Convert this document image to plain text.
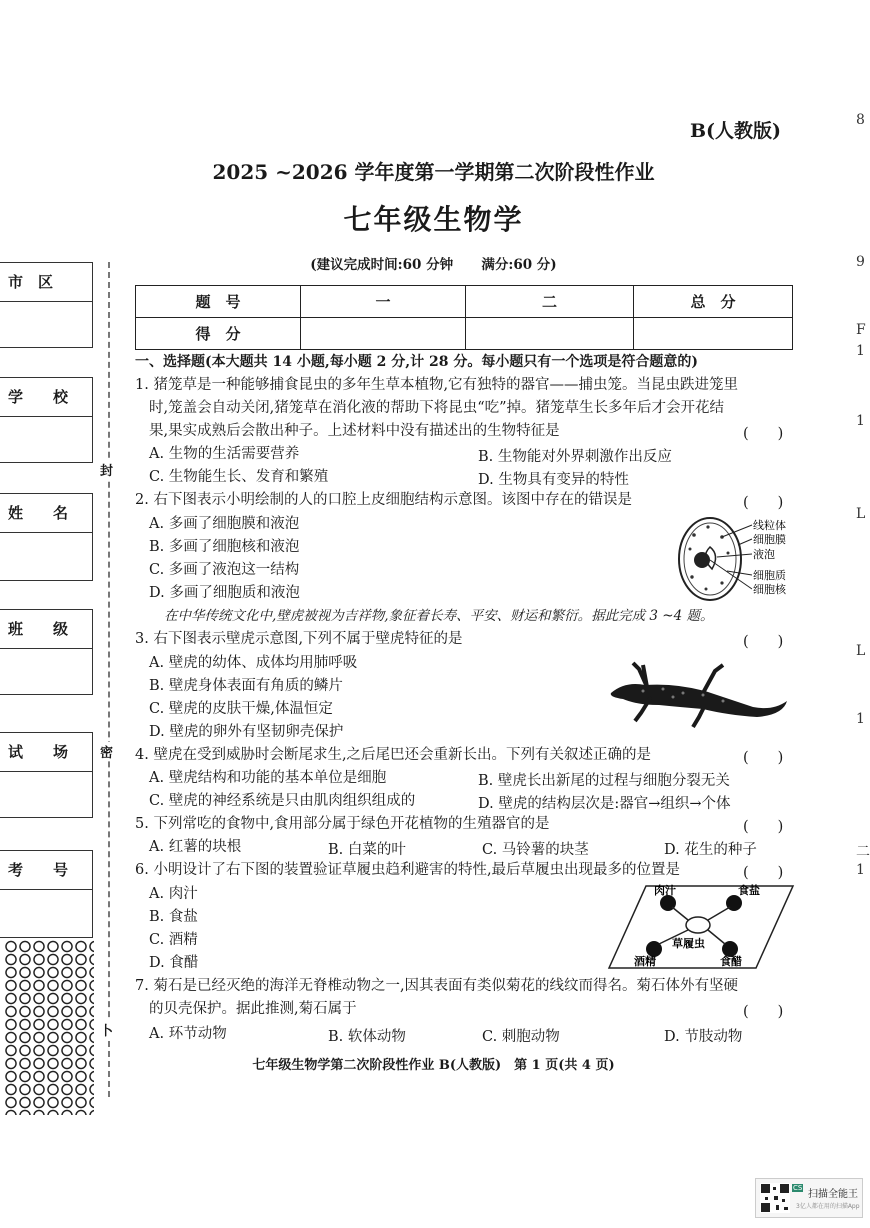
B(人教版)
2025 ~2026 学年度第一学期第二次阶段性作业
七年级生物学
(建议完成时间:60 分钟      满分:60 分)
题　号	一	二	总　分
得　分			
市　区
学　　校
姓　　名
班　　级
试　　场
考　　号
封
密
卜
8
9
F
1
1
L
L
1
二
1
一、选择题(本大题共 14 小题,每小题 2 分,计 28 分。每小题只有一个选项是符合题意的)
1. 猪笼草是一种能够捕食昆虫的多年生草本植物,它有独特的器官——捕虫笼。当昆虫跌进笼里
时,笼盖会自动关闭,猪笼草在消化液的帮助下将昆虫“吃”掉。猪笼草生长多年后才会开花结
果,果实成熟后会散出种子。上述材料中没有描述出的生物特征是	(　　)
A. 生物的生活需要营养	B. 生物能对外界刺激作出反应
C. 生物能生长、发育和繁殖	D. 生物具有变异的特性
2. 右下图表示小明绘制的人的口腔上皮细胞结构示意图。该图中存在的错误是	(　　)
A. 多画了细胞膜和液泡
B. 多画了细胞核和液泡
C. 多画了液泡这一结构
D. 多画了细胞质和液泡
线粒体
细胞膜
液泡
细胞质
细胞核
在中华传统文化中,壁虎被视为吉祥物,象征着长寿、平安、财运和繁衍。据此完成 3 ~4 题。
3. 右下图表示壁虎示意图,下列不属于壁虎特征的是	(　　)
A. 壁虎的幼体、成体均用肺呼吸
B. 壁虎身体表面有角质的鳞片
C. 壁虎的皮肤干燥,体温恒定
D. 壁虎的卵外有坚韧卵壳保护
4. 壁虎在受到威胁时会断尾求生,之后尾巴还会重新长出。下列有关叙述正确的是	(　　)
A. 壁虎结构和功能的基本单位是细胞	B. 壁虎长出新尾的过程与细胞分裂无关
C. 壁虎的神经系统是只由肌肉组织组成的	D. 壁虎的结构层次是:器官→组织→个体
5. 下列常吃的食物中,食用部分属于绿色开花植物的生殖器官的是	(　　)
A. 红薯的块根	B. 白菜的叶	C. 马铃薯的块茎	D. 花生的种子
6. 小明设计了右下图的装置验证草履虫趋利避害的特性,最后草履虫出现最多的位置是	(　　)
A. 肉汁
B. 食盐
C. 酒精
D. 食醋
肉汁	食盐
草履虫
酒精	食醋
7. 菊石是已经灭绝的海洋无脊椎动物之一,因其表面有类似菊花的线纹而得名。菊石体外有坚硬
的贝壳保护。据此推测,菊石属于	(　　)
A. 环节动物	B. 软体动物	C. 刺胞动物	D. 节肢动物
七年级生物学第二次阶段性作业 B(人教版)　第 1 页(共 4 页)
CS
扫描全能王
3亿人都在用的扫描App
